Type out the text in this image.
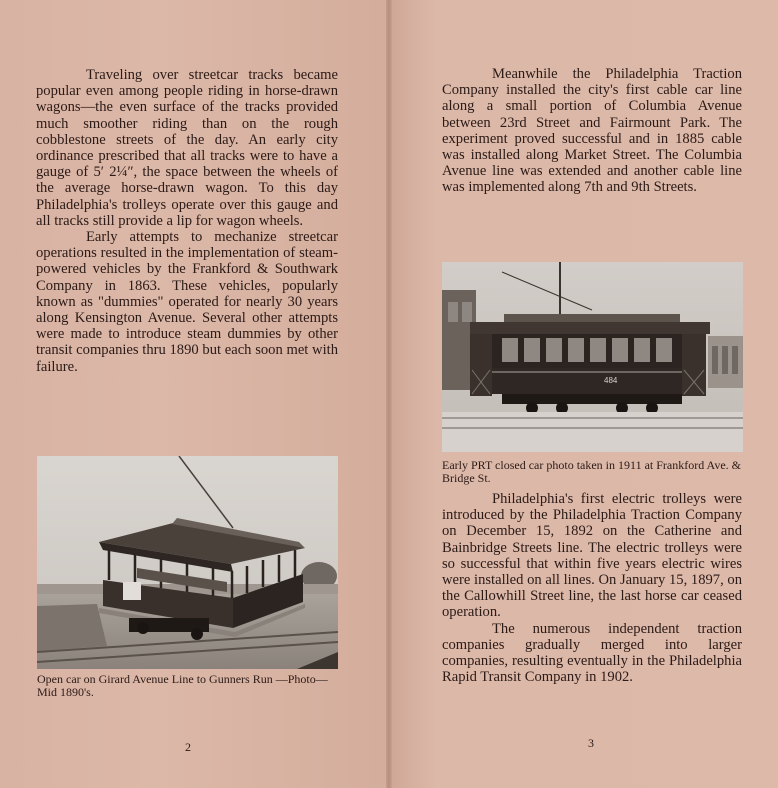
Traveling over streetcar tracks became popular even among people riding in horse-drawn wagons—the even surface of the tracks provided much smoother riding than on the rough cobblestone streets of the day. An early city ordinance prescribed that all tracks were to have a gauge of 5′ 2¼″, the space between the wheels of the average horse-drawn wagon. To this day Philadelphia's trolleys operate over this gauge and all tracks still provide a lip for wagon wheels.

Early attempts to mechanize streetcar operations resulted in the implementation of steam-powered vehicles by the Frankford & Southwark Company in 1863. These vehicles, popularly known as "dummies" operated for nearly 30 years along Kensington Avenue. Several other attempts were made to introduce steam dummies by other transit companies thru 1890 but each soon met with failure.

Open car on Girard Avenue Line to Gunners Run —Photo—Mid 1890's.
2

Meanwhile the Philadelphia Traction Company installed the city's first cable car line along a small portion of Columbia Avenue between 23rd Street and Fairmount Park. The experiment proved successful and in 1885 cable was installed along Market Street. The Columbia Avenue line was extended and another cable line was implemented along 7th and 9th Streets.

484
Early PRT closed car photo taken in 1911 at Frankford Ave. & Bridge St.

Philadelphia's first electric trolleys were introduced by the Philadelphia Traction Company on December 15, 1892 on the Catherine and Bainbridge Streets line. The electric trolleys were so successful that within five years electric wires were installed on all lines. On January 15, 1897, on the Callowhill Street line, the last horse car ceased operation.

The numerous independent traction companies gradually merged into larger companies, resulting eventually in the Philadelphia Rapid Transit Company in 1902.

3
